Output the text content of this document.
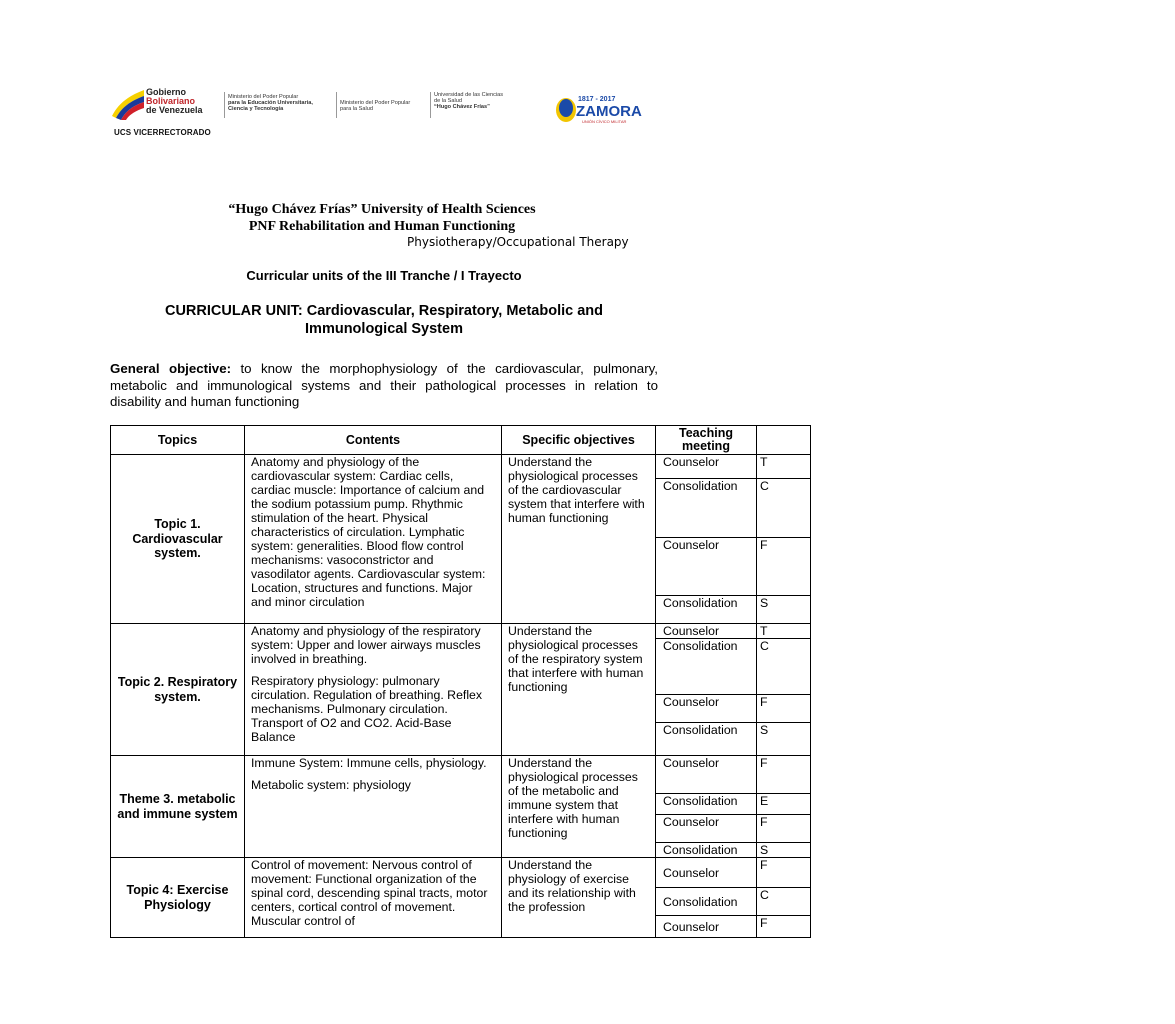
Gobierno
Bolivariano
de Venezuela
Ministerio del Poder Popular
para la Educación Universitaria,
Ciencia y Tecnología
Ministerio del Poder Popular
para la Salud
Universidad de las Ciencias
de la Salud
“Hugo Chávez Frías”
1817 - 2017
ZAMORA
UNIÓN CÍVICO MILITAR
UCS VICERRECTORADO
“Hugo Chávez Frías” University of Health Sciences
PNF Rehabilitation and Human Functioning
Physiotherapy/Occupational Therapy
Curricular units of the III Tranche / I Trayecto
CURRICULAR UNIT: Cardiovascular, Respiratory, Metabolic and
Immunological System
General objective: to know the morphophysiology of the cardiovascular, pulmonary, metabolic and immunological systems and their pathological processes in relation to disability and human functioning
Topics	Contents	Specific objectives	Teaching meeting	
Topic 1. Cardiovascular system.	Anatomy and physiology of the cardiovascular system: Cardiac cells, cardiac muscle: Importance of calcium and the sodium potassium pump. Rhythmic stimulation of the heart. Physical characteristics of circulation. Lymphatic system: generalities. Blood flow control mechanisms: vasoconstrictor and vasodilator agents. Cardiovascular system: Location, structures and functions. Major and minor circulation	Understand the physiological processes of the cardiovascular system that interfere with human functioning	Counselor	T
			Consolidation	C
			Counselor	F
			Consolidation	S
Topic 2. Respiratory system.	Anatomy and physiology of the respiratory system: Upper and lower airways muscles involved in breathing.

Respiratory physiology: pulmonary circulation. Regulation of breathing. Reflex mechanisms. Pulmonary circulation. Transport of O2 and CO2. Acid-Base Balance	Understand the physiological processes of the respiratory system that interfere with human functioning	Counselor	T
			Consolidation	C
			Counselor	F
			Consolidation	S
Theme 3. metabolic and immune system	Immune System: Immune cells, physiology.

Metabolic system: physiology	Understand the physiological processes of the metabolic and immune system that interfere with human functioning	Counselor	F
			Consolidation	E
			Counselor	F
			Consolidation	S
Topic 4: Exercise Physiology	Control of movement: Nervous control of movement: Functional organization of the spinal cord, descending spinal tracts, motor centers, cortical control of movement. Muscular control of	Understand the physiology of exercise and its relationship with the profession	Counselor	F
			Consolidation	C
			Counselor	F
